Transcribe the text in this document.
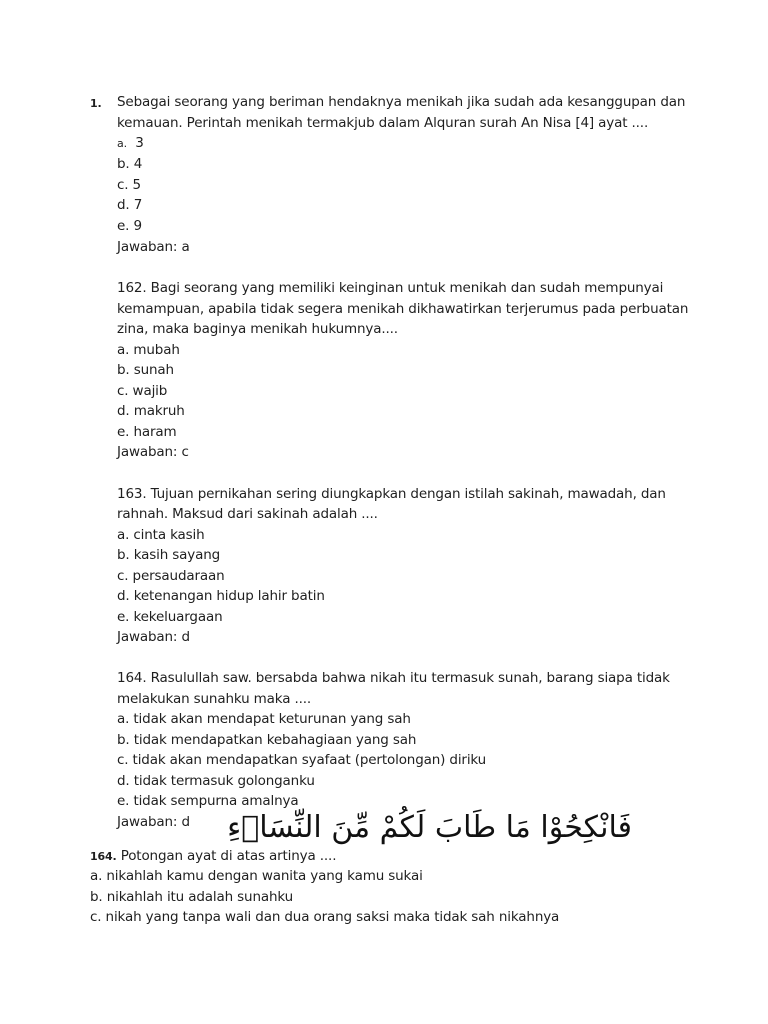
1. Sebagai seorang yang beriman hendaknya menikah jika sudah ada kesanggupan dan
kemauan. Perintah menikah termakjub dalam Alquran surah An Nisa [4] ayat ....
a. 3
b. 4
c. 5
d. 7
e. 9
Jawaban: a
162. Bagi seorang yang memiliki keinginan untuk menikah dan sudah mempunyai
kemampuan, apabila tidak segera menikah dikhawatirkan terjerumus pada perbuatan
zina, maka baginya menikah hukumnya....
a. mubah
b. sunah
c. wajib
d. makruh
e. haram
Jawaban: c
163. Tujuan pernikahan sering diungkapkan dengan istilah sakinah, mawadah, dan
rahnah. Maksud dari sakinah adalah ....
a. cinta kasih
b. kasih sayang
c. persaudaraan
d. ketenangan hidup lahir batin
e. kekeluargaan
Jawaban: d
164. Rasulullah saw. bersabda bahwa nikah itu termasuk sunah, barang siapa tidak
melakukan sunahku maka ....
a. tidak akan mendapat keturunan yang sah
b. tidak mendapatkan kebahagiaan yang sah
c. tidak akan mendapatkan syafaat (pertolongan) diriku
d. tidak termasuk golonganku
e. tidak sempurna amalnya
Jawaban: d فَانْكِحُوْا مَا طَابَ لَكُمْ مِّنَ النِّسَاۤءِ
164. Potongan ayat di atas artinya ....
a. nikahlah kamu dengan wanita yang kamu sukai
b. nikahlah itu adalah sunahku
c. nikah yang tanpa wali dan dua orang saksi maka tidak sah nikahnya
